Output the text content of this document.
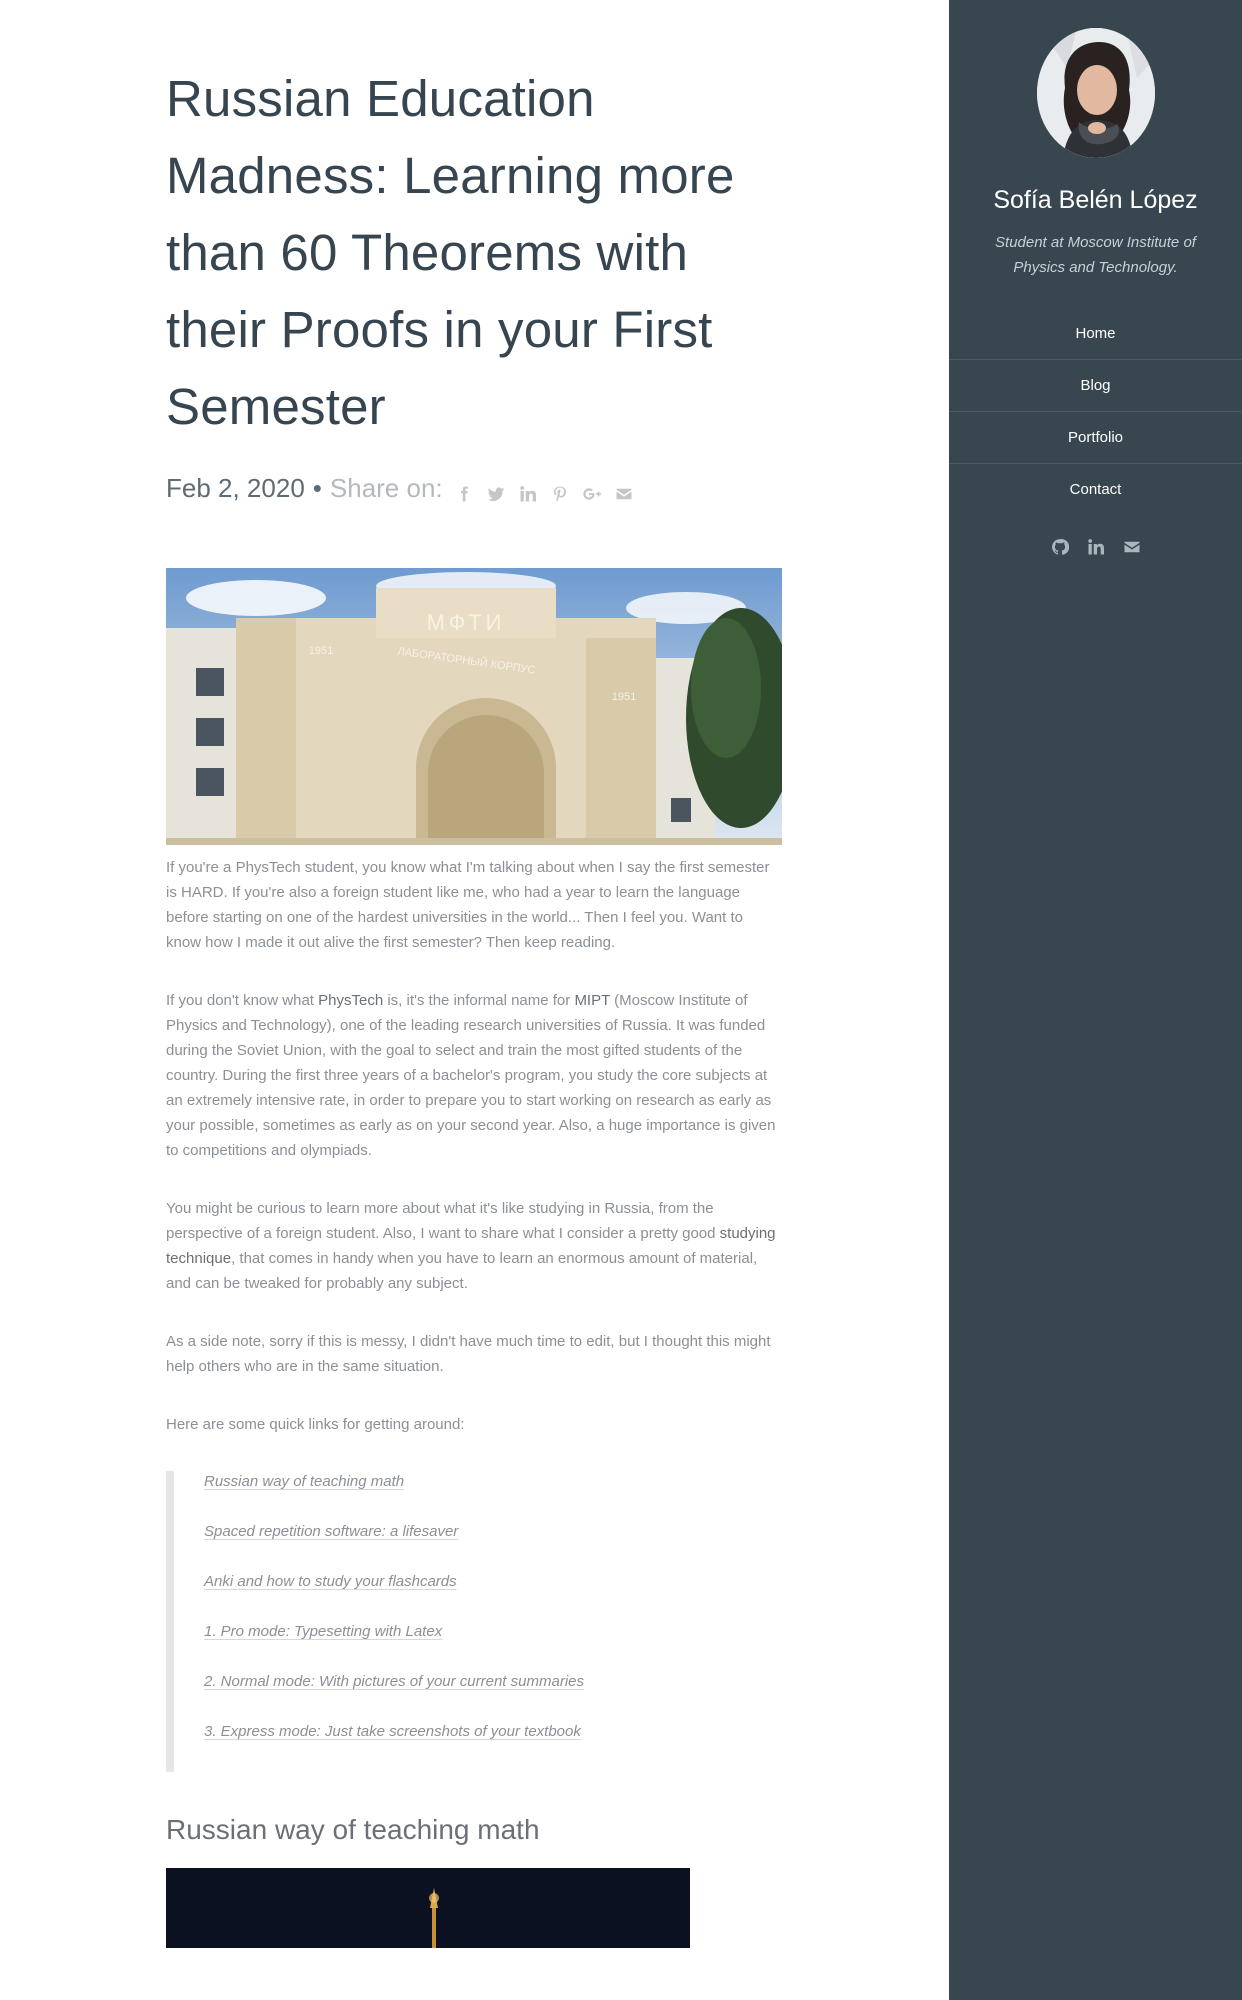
Russian Education Madness: Learning more than 60 Theorems with their Proofs in your First Semester
Feb 2, 2020 • Share on:
МФТИ
ЛАБОРАТОРНЫЙ КОРПУС
1951
1951

If you're a PhysTech student, you know what I'm talking about when I say the first semester is HARD. If you're also a foreign student like me, who had a year to learn the language before starting on one of the hardest universities in the world... Then I feel you. Want to know how I made it out alive the first semester? Then keep reading.

If you don't know what PhysTech is, it's the informal name for MIPT (Moscow Institute of Physics and Technology), one of the leading research universities of Russia. It was funded during the Soviet Union, with the goal to select and train the most gifted students of the country. During the first three years of a bachelor's program, you study the core subjects at an extremely intensive rate, in order to prepare you to start working on research as early as your possible, sometimes as early as on your second year. Also, a huge importance is given to competitions and olympiads.

You might be curious to learn more about what it's like studying in Russia, from the perspective of a foreign student. Also, I want to share what I consider a pretty good studying technique, that comes in handy when you have to learn an enormous amount of material, and can be tweaked for probably any subject.

As a side note, sorry if this is messy, I didn't have much time to edit, but I thought this might help others who are in the same situation.

Here are some quick links for getting around:

Russian way of teaching math
Spaced repetition software: a lifesaver
Anki and how to study your flashcards
1. Pro mode: Typesetting with Latex
2. Normal mode: With pictures of your current summaries
3. Express mode: Just take screenshots of your textbook
Russian way of teaching math
Sofía Belén López
Student at Moscow Institute of Physics and Technology.
Home
Blog
Portfolio
Contact
